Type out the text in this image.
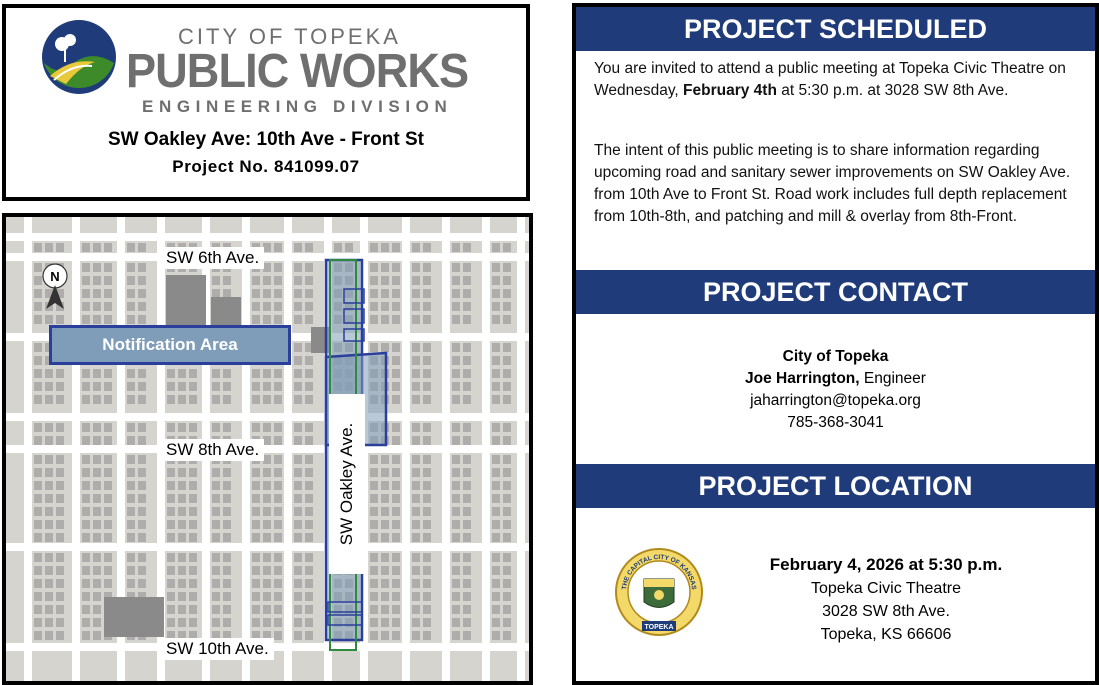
CITY OF TOPEKA
PUBLIC WORKS
ENGINEERING DIVISION
SW Oakley Ave: 10th Ave - Front St
Project No. 841099.07
N
SW 6th Ave.
SW 8th Ave.
SW 10th Ave.
Notification Area
SW Oakley Ave.
PROJECT SCHEDULED
You are invited to attend a public meeting at Topeka Civic Theatre on Wednesday, February 4th at 5:30 p.m. at 3028 SW 8th Ave.
The intent of this public meeting is to share information regarding upcoming road and sanitary sewer improvements on SW Oakley Ave. from 10th Ave to Front St. Road work includes full depth replacement from 10th-8th, and patching and mill & overlay from 8th-Front.
PROJECT CONTACT
City of Topeka
Joe Harrington, Engineer
jaharrington@topeka.org
785-368-3041
PROJECT LOCATION
February 4, 2026 at 5:30 p.m.
Topeka Civic Theatre
3028 SW 8th Ave.
Topeka, KS 66606
THE CAPITAL CITY OF KANSAS
TOPEKA
